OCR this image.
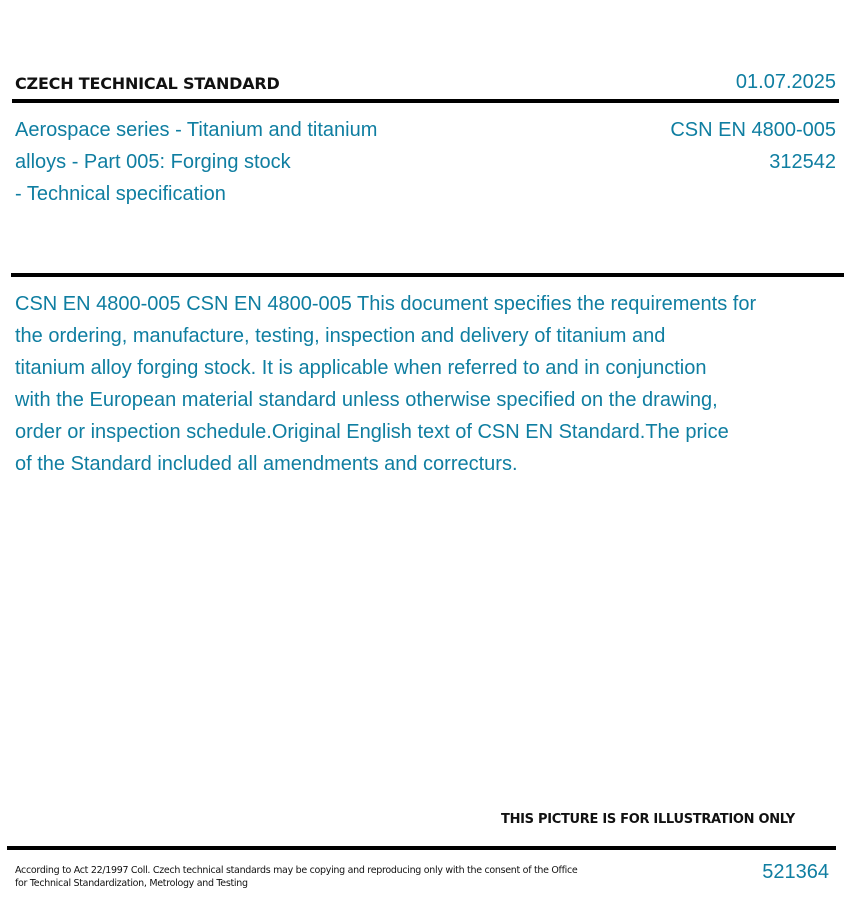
CZECH TECHNICAL STANDARD	01.07.2025
Aerospace series - Titanium and titanium
alloys - Part 005: Forging stock
- Technical specification
CSN EN 4800-005
312542
CSN EN 4800-005 CSN EN 4800-005 This document specifies the requirements for
the ordering, manufacture, testing, inspection and delivery of titanium and
titanium alloy forging stock. It is applicable when referred to and in conjunction
with the European material standard unless otherwise specified on the drawing,
order or inspection schedule.Original English text of CSN EN Standard.The price
of the Standard included all amendments and correcturs.
THIS PICTURE IS FOR ILLUSTRATION ONLY
According to Act 22/1997 Coll. Czech technical standards may be copying and reproducing only with the consent of the Office
for Technical Standardization, Metrology and Testing
521364
